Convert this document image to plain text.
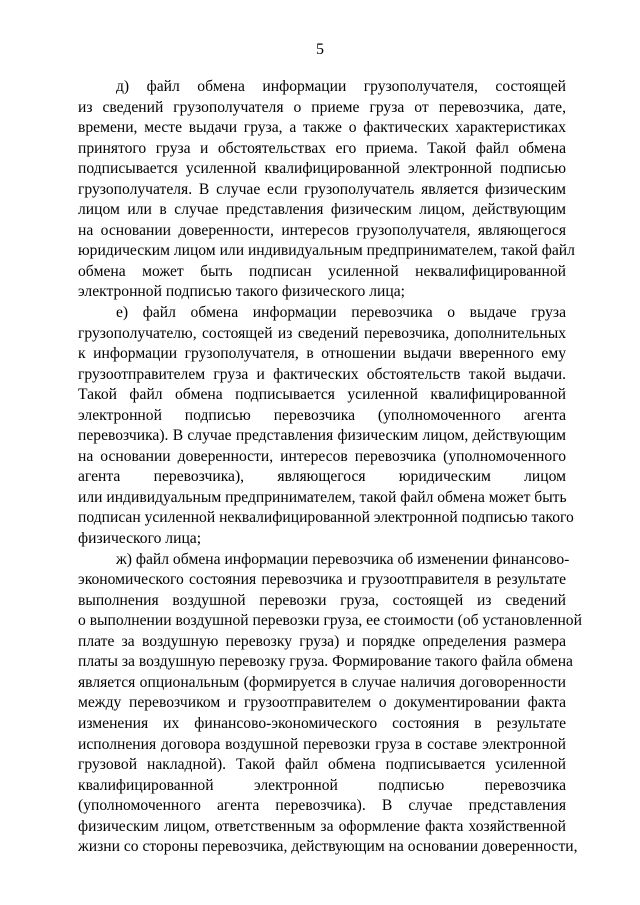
5
д) файл обмена информации грузополучателя, состоящей
из сведений грузополучателя о приеме груза от перевозчика, дате,
времени, месте выдачи груза, а также о фактических характеристиках
принятого груза и обстоятельствах его приема. Такой файл обмена
подписывается усиленной квалифицированной электронной подписью
грузополучателя. В случае если грузополучатель является физическим
лицом или в случае представления физическим лицом, действующим
на основании доверенности, интересов грузополучателя, являющегося
юридическим лицом или индивидуальным предпринимателем, такой файл
обмена может быть подписан усиленной неквалифицированной
электронной подписью такого физического лица;
е) файл обмена информации перевозчика о выдаче груза
грузополучателю, состоящей из сведений перевозчика, дополнительных
к информации грузополучателя, в отношении выдачи вверенного ему
грузоотправителем груза и фактических обстоятельств такой выдачи.
Такой файл обмена подписывается усиленной квалифицированной
электронной подписью перевозчика (уполномоченного агента
перевозчика). В случае представления физическим лицом, действующим
на основании доверенности, интересов перевозчика (уполномоченного
агента перевозчика), являющегося юридическим лицом
или индивидуальным предпринимателем, такой файл обмена может быть
подписан усиленной неквалифицированной электронной подписью такого
физического лица;
ж) файл обмена информации перевозчика об изменении финансово-
экономического состояния перевозчика и грузоотправителя в результате
выполнения воздушной перевозки груза, состоящей из сведений
о выполнении воздушной перевозки груза, ее стоимости (об установленной
плате за воздушную перевозку груза) и порядке определения размера
платы за воздушную перевозку груза. Формирование такого файла обмена
является опциональным (формируется в случае наличия договоренности
между перевозчиком и грузоотправителем о документировании факта
изменения их финансово-экономического состояния в результате
исполнения договора воздушной перевозки груза в составе электронной
грузовой накладной). Такой файл обмена подписывается усиленной
квалифицированной электронной подписью перевозчика
(уполномоченного агента перевозчика). В случае представления
физическим лицом, ответственным за оформление факта хозяйственной
жизни со стороны перевозчика, действующим на основании доверенности,
